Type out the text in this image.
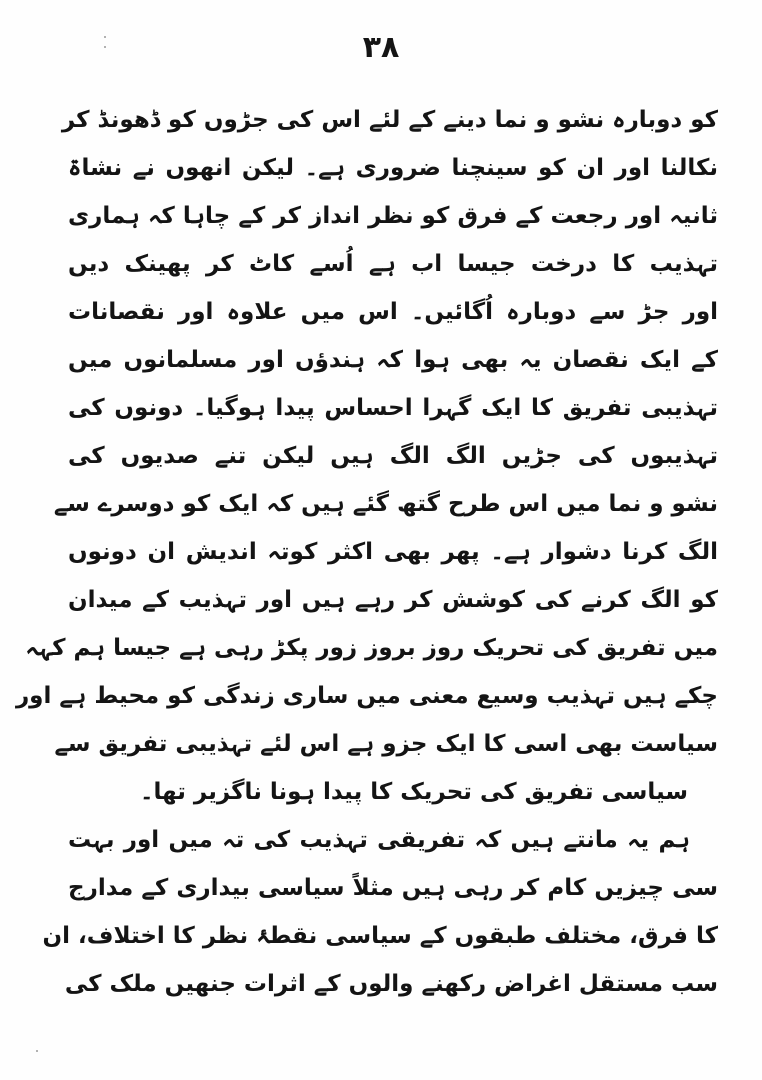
۳۸
کو دوبارہ نشو و نما دینے کے لئے اس کی جڑوں کو ڈھونڈ کر
نکالنا اور ان کو سینچنا ضروری ہے۔ لیکن انھوں نے نشاۃ
ثانیہ اور رجعت کے فرق کو نظر انداز کر کے چاہا کہ ہماری
تہذیب کا درخت جیسا اب ہے اُسے کاٹ کر پھینک دیں
اور جڑ سے دوبارہ اُگائیں۔ اس میں علاوہ اور نقصانات
کے ایک نقصان یہ بھی ہوا کہ ہندؤں اور مسلمانوں میں
تہذیبی تفریق کا ایک گہرا احساس پیدا ہوگیا۔ دونوں کی
تہذیبوں کی جڑیں الگ الگ ہیں لیکن تنے صدیوں کی
نشو و نما میں اس طرح گتھ گئے ہیں کہ ایک کو دوسرے سے
الگ کرنا دشوار ہے۔ پھر بھی اکثر کوتہ اندیش ان دونوں
کو الگ کرنے کی کوشش کر رہے ہیں اور تہذیب کے میدان
میں تفریق کی تحریک روز بروز زور پکڑ رہی ہے جیسا ہم کہہ
چکے ہیں تہذیب وسیع معنی میں ساری زندگی کو محیط ہے اور
سیاست بھی اسی کا ایک جزو ہے اس لئے تہذیبی تفریق سے
سیاسی تفریق کی تحریک کا پیدا ہونا ناگزیر تھا۔
ہم یہ مانتے ہیں کہ تفریقی تہذیب کی تہ میں اور بہت
سی چیزیں کام کر رہی ہیں مثلاً سیاسی بیداری کے مدارج
کا فرق، مختلف طبقوں کے سیاسی نقطۂ نظر کا اختلاف، ان
سب مستقل اغراض رکھنے والوں کے اثرات جنھیں ملک کی
